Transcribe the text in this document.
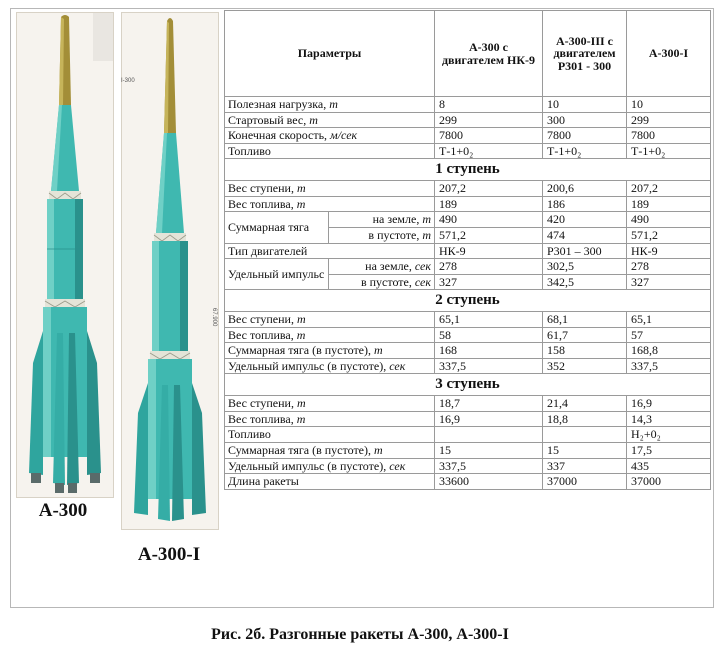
А-300
I-300
67.900
А-300-I
Параметры		А-300 с двигателем НК-9	А-300-III с двигателем Р301 - 300	А-300-I
Полезная нагрузка, т		8	10	10
Стартовый вес, т		299	300	299
Конечная скорость, м/сек		7800	7800	7800
Топливо		Т-1+0₂	Т-1+0₂	Т-1+0₂
1 ступень				
Вес ступени, т		207,2	200,6	207,2
Вес топлива, т		189	186	189
Суммарная тяга	на земле, т	490	420	490
	в пустоте, т	571,2	474	571,2
Тип двигателей		НК-9	Р301 – 300	НК-9
Удельный импульс	на земле, сек	278	302,5	278
	в пустоте, сек	327	342,5	327
2 ступень				
Вес ступени, т		65,1	68,1	65,1
Вес топлива, т		58	61,7	57
Суммарная тяга (в пустоте), т		168	158	168,8
Удельный импульс (в пустоте), сек		337,5	352	337,5
3 ступень				
Вес ступени, т		18,7	21,4	16,9
Вес топлива, т		16,9	18,8	14,3
Топливо				Н₂+0₂
Суммарная тяга (в пустоте), т		15	15	17,5
Удельный импульс (в пустоте), сек		337,5	337	435
Длина ракеты		33600	37000	37000
Рис. 2б. Разгонные ракеты А-300, А-300-I
